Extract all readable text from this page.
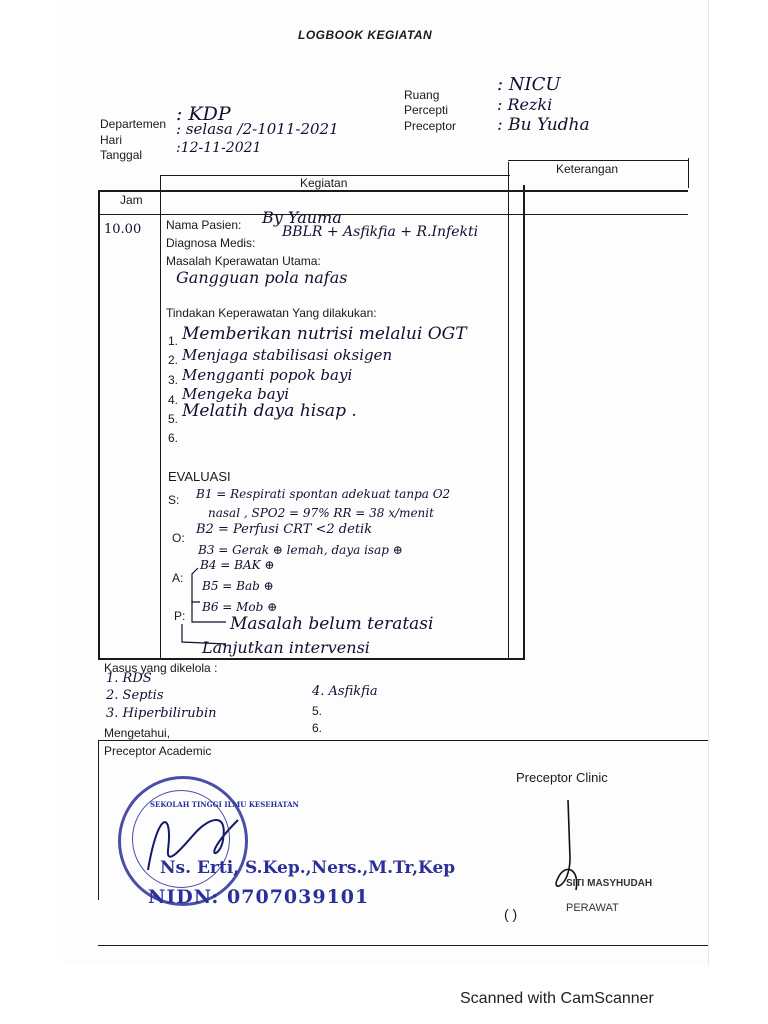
LOGBOOK KEGIATAN
Departemen
Hari
Tanggal
: KDP
: selasa /2-1011-2021
:12-11-2021
Ruang
Percepti
Preceptor
: NICU
: Rezki
: Bu Yudha
Jam
Kegiatan
Keterangan
10.00 Nama Pasien: By Yauma
Diagnosa Medis:
BBLR + Asfikfia + R.Infekti
Masalah Kperawatan Utama:
Gangguan pola nafas
Tindakan Keperawatan Yang dilakukan:
1. Memberikan nutrisi melalui OGT
2. Menjaga stabilisasi oksigen
3. Mengganti popok bayi
4. Mengeka bayi
5. Melatih daya hisap .
6.
EVALUASI
S: B1 = Respirati spontan adekuat tanpa O2
nasal , SPO2 = 97% RR = 38 x/menit
O:
B2 = Perfusi CRT <2 detik
B3 = Gerak ⊕ lemah, daya isap ⊕
A:
B4 = BAK ⊕
B5 = Bab ⊕
B6 = Mob ⊕
P:	Masalah belum teratasi
Lanjutkan intervensi
Kasus yang dikelola :
1. RDS
2. Septis
3. Hiperbilirubin
4. Asfikfia
5.
6.
Mengetahui,
Preceptor Academic
Preceptor Clinic
SEKOLAH TINGGI ILMU KESEHATAN
Ns. Erti, S.Kep.,Ners.,M.Tr,Kep
NIDN: 0707039101
SITI MASYHUDAH
PERAWAT
( )
Scanned with CamScanner
